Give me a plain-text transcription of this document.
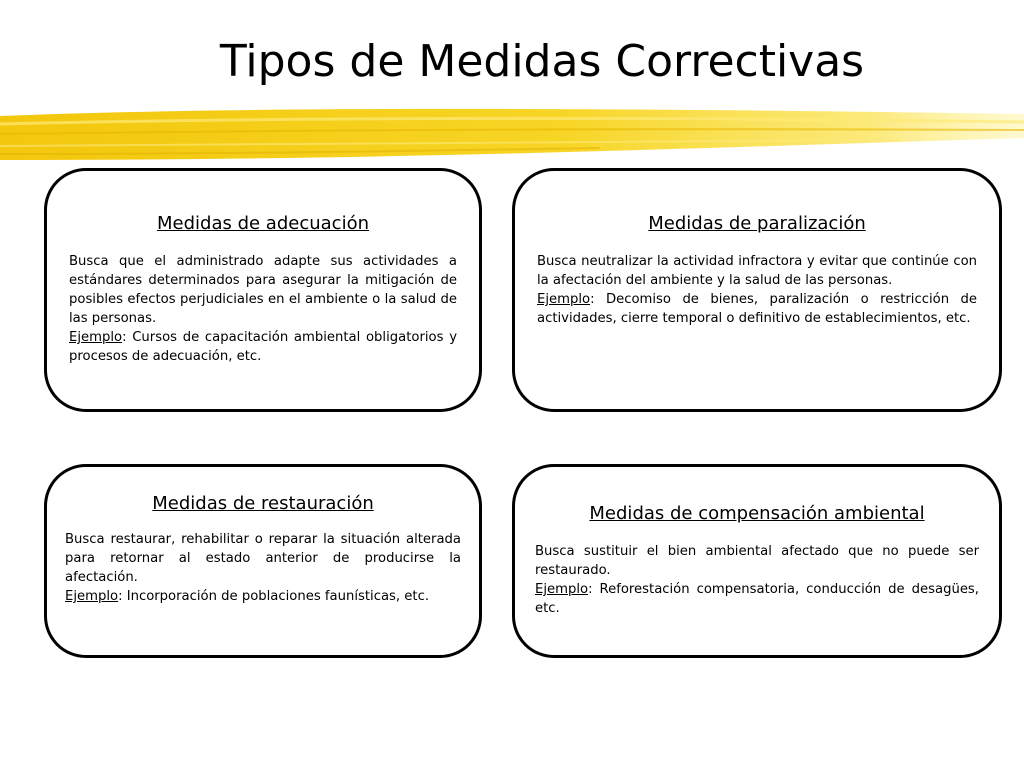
Tipos de Medidas Correctivas
Medidas de adecuación

Busca que el administrado adapte sus actividades a estándares determinados para asegurar la mitigación de posibles efectos perjudiciales en el ambiente o la salud de las personas.
Ejemplo: Cursos de capacitación ambiental obligatorios y procesos de adecuación, etc.

Medidas de paralización

Busca neutralizar la actividad infractora y evitar que continúe con la afectación del ambiente y la salud de las personas.
Ejemplo: Decomiso de bienes, paralización o restricción de actividades, cierre temporal o definitivo de establecimientos, etc.

Medidas de restauración

Busca restaurar, rehabilitar o reparar la situación alterada para retornar al estado anterior de producirse la afectación.
Ejemplo: Incorporación de poblaciones faunísticas, etc.

Medidas de compensación ambiental

Busca sustituir el bien ambiental afectado que no puede ser restaurado.
Ejemplo: Reforestación compensatoria, conducción de desagües, etc.
